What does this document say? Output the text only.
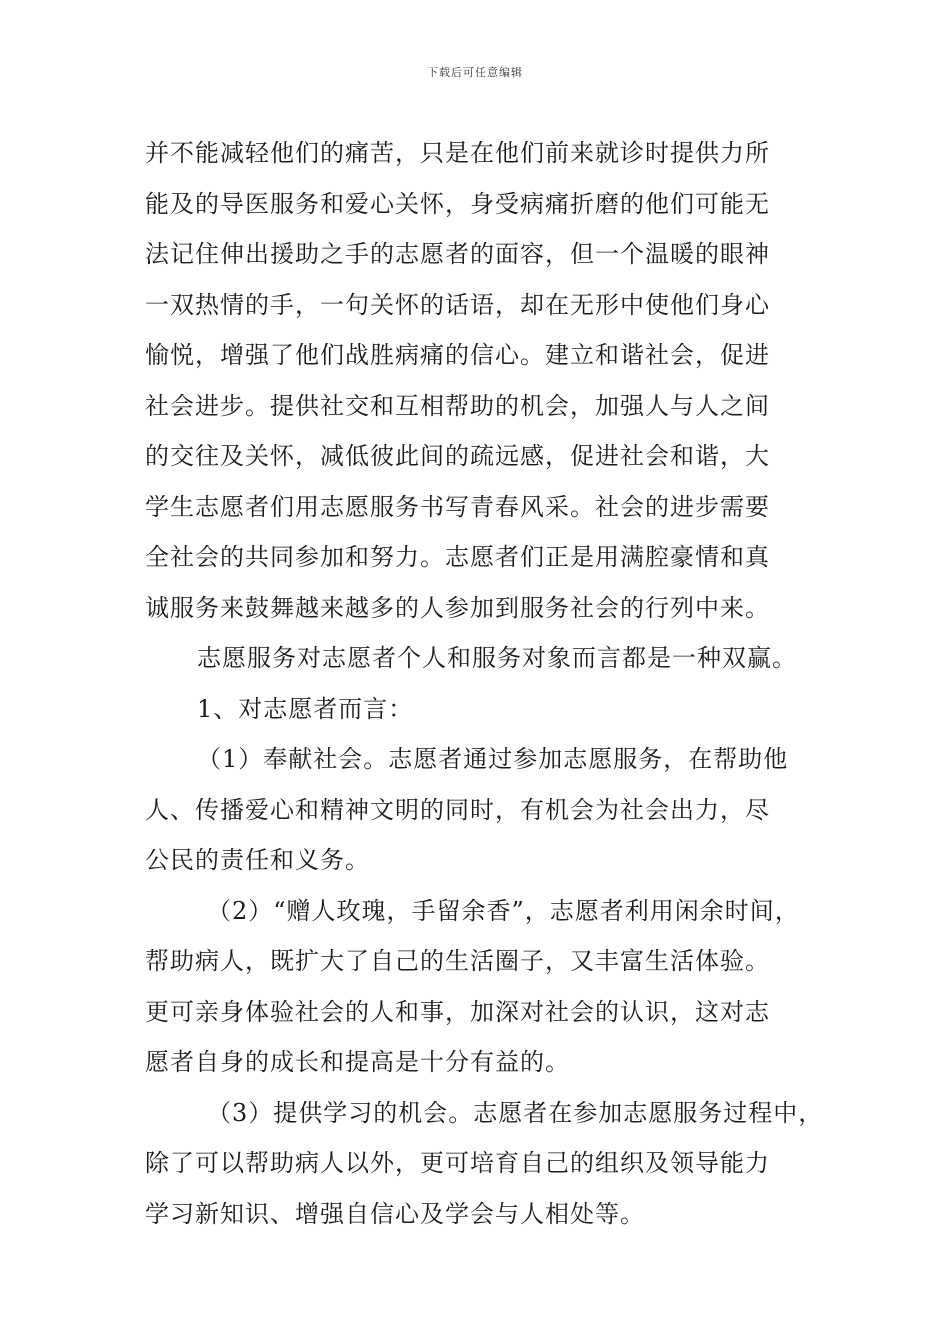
下载后可任意编辑
并不能减轻他们的痛苦，只是在他们前来就诊时提供力所
能及的导医服务和爱心关怀，身受病痛折磨的他们可能无
法记住伸出援助之手的志愿者的面容，但一个温暖的眼神
一双热情的手，一句关怀的话语，却在无形中使他们身心
愉悦，增强了他们战胜病痛的信心。建立和谐社会，促进
社会进步。提供社交和互相帮助的机会，加强人与人之间
的交往及关怀，减低彼此间的疏远感，促进社会和谐，大
学生志愿者们用志愿服务书写青春风采。社会的进步需要
全社会的共同参加和努力。志愿者们正是用满腔豪情和真
诚服务来鼓舞越来越多的人参加到服务社会的行列中来。
志愿服务对志愿者个人和服务对象而言都是一种双赢。
1、对志愿者而言：
（1）奉献社会。志愿者通过参加志愿服务，在帮助他
人、传播爱心和精神文明的同时，有机会为社会出力，尽
公民的责任和义务。
（2）“赠人玫瑰，手留余香”，志愿者利用闲余时间，
帮助病人，既扩大了自己的生活圈子，又丰富生活体验。
更可亲身体验社会的人和事，加深对社会的认识，这对志
愿者自身的成长和提高是十分有益的。
（3）提供学习的机会。志愿者在参加志愿服务过程中，
除了可以帮助病人以外，更可培育自己的组织及领导能力
学习新知识、增强自信心及学会与人相处等。
